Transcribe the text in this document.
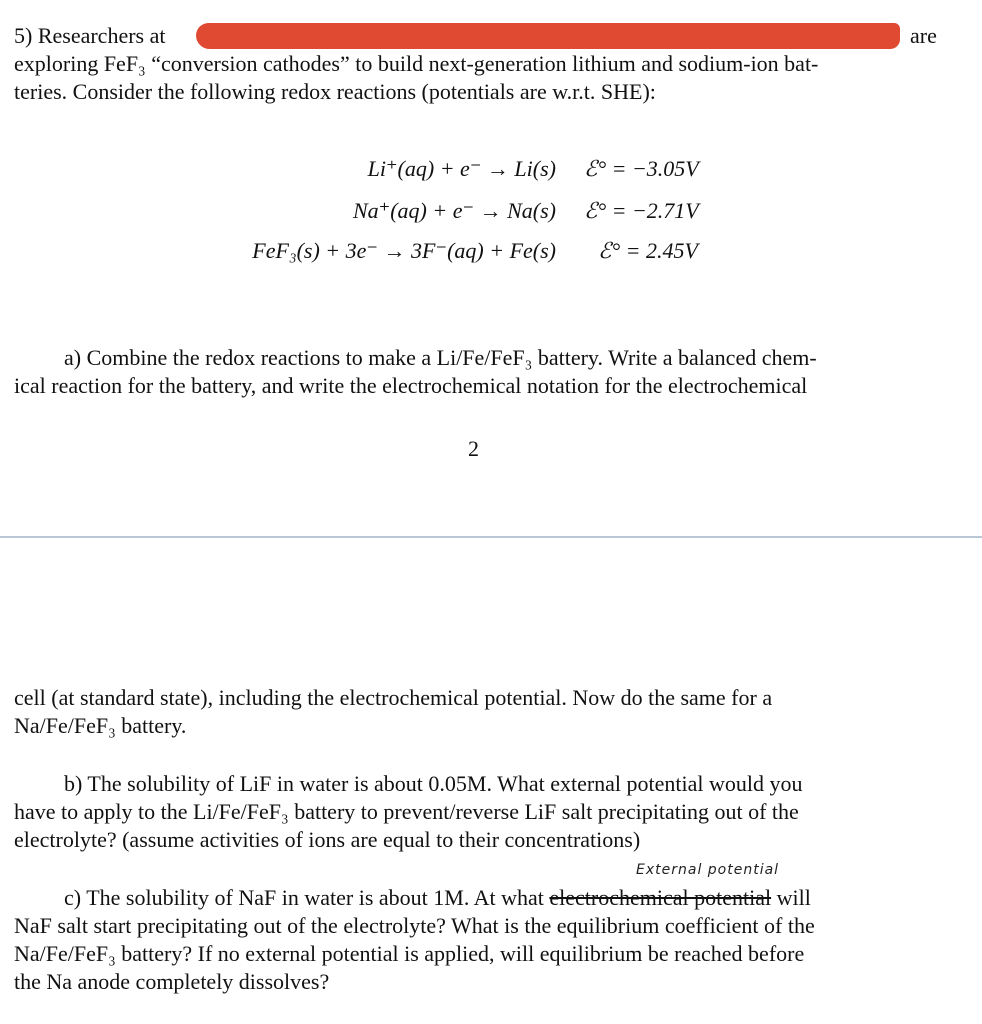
5) Researchers at	are
exploring FeF₃ “conversion cathodes” to build next-generation lithium and sodium-ion bat-
teries. Consider the following redox reactions (potentials are w.r.t. SHE):
Li⁺(aq) + e⁻ → Li(s) ℰ° = −3.05V
Na⁺(aq) + e⁻ → Na(s) ℰ° = −2.71V
FeF₃(s) + 3e⁻ → 3F⁻(aq) + Fe(s) ℰ° = 2.45V
a) Combine the redox reactions to make a Li/Fe/FeF₃ battery. Write a balanced chem-
ical reaction for the battery, and write the electrochemical notation for the electrochemical
2
cell (at standard state), including the electrochemical potential. Now do the same for a
Na/Fe/FeF₃ battery.
b) The solubility of LiF in water is about 0.05M. What external potential would you
have to apply to the Li/Fe/FeF₃ battery to prevent/reverse LiF salt precipitating out of the
electrolyte? (assume activities of ions are equal to their concentrations)
External potential
c) The solubility of NaF in water is about 1M. At what electrochemical potential will
NaF salt start precipitating out of the electrolyte? What is the equilibrium coefficient of the
Na/Fe/FeF₃ battery? If no external potential is applied, will equilibrium be reached before
the Na anode completely dissolves?
